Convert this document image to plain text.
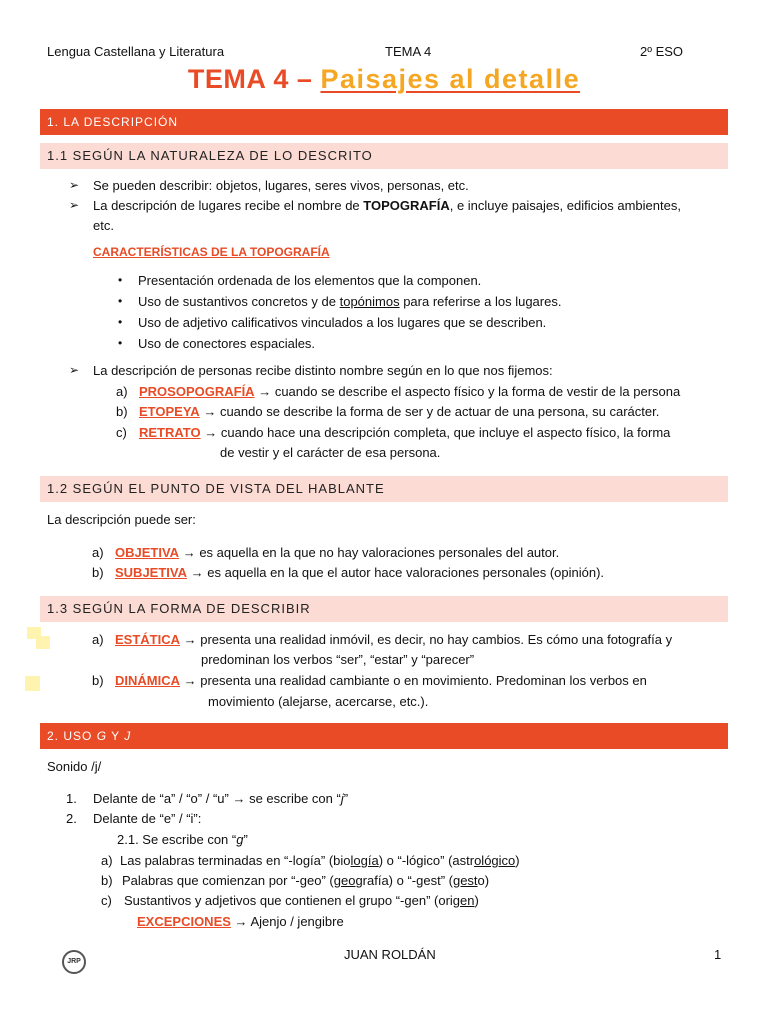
Lengua Castellana y Literatura	TEMA 4	2º ESO
TEMA 4 – Paisajes al detalle
1. LA DESCRIPCIÓN
1.1 SEGÚN LA NATURALEZA DE LO DESCRITO
➢ Se pueden describir: objetos, lugares, seres vivos, personas, etc.
➢ La descripción de lugares recibe el nombre de TOPOGRAFÍA, e incluye paisajes, edificios ambientes,
etc.
CARACTERÍSTICAS DE LA TOPOGRAFÍA
• Presentación ordenada de los elementos que la componen.
• Uso de sustantivos concretos y de topónimos para referirse a los lugares.
• Uso de adjetivo calificativos vinculados a los lugares que se describen.
• Uso de conectores espaciales.
➢ La descripción de personas recibe distinto nombre según en lo que nos fijemos:
a) PROSOPOGRAFÍA → cuando se describe el aspecto físico y la forma de vestir de la persona
b) ETOPEYA → cuando se describe la forma de ser y de actuar de una persona, su carácter.
c) RETRATO → cuando hace una descripción completa, que incluye el aspecto físico, la forma
de vestir y el carácter de esa persona.
1.2 SEGÚN EL PUNTO DE VISTA DEL HABLANTE
La descripción puede ser:
a) OBJETIVA → es aquella en la que no hay valoraciones personales del autor.
b) SUBJETIVA → es aquella en la que el autor hace valoraciones personales (opinión).
1.3 SEGÚN LA FORMA DE DESCRIBIR
a) ESTÁTICA → presenta una realidad inmóvil, es decir, no hay cambios. Es cómo una fotografía y
predominan los verbos “ser”, “estar” y “parecer”
b) DINÁMICA → presenta una realidad cambiante o en movimiento. Predominan los verbos en
movimiento (alejarse, acercarse, etc.).
2. USO G Y J
Sonido /j/
1. Delante de “a” / “o” / “u” → se escribe con “j”
2. Delante de “e” / “i”:
2.1. Se escribe con “g”
a) Las palabras terminadas en “-logía” (biología) o “-lógico” (astrológico)
b) Palabras que comienzan por “-geo” (geografía) o “-gest” (gesto)
c) Sustantivos y adjetivos que contienen el grupo “-gen” (origen)
EXCEPCIONES → Ajenjo / jengibre
JRP	JUAN ROLDÁN	1
